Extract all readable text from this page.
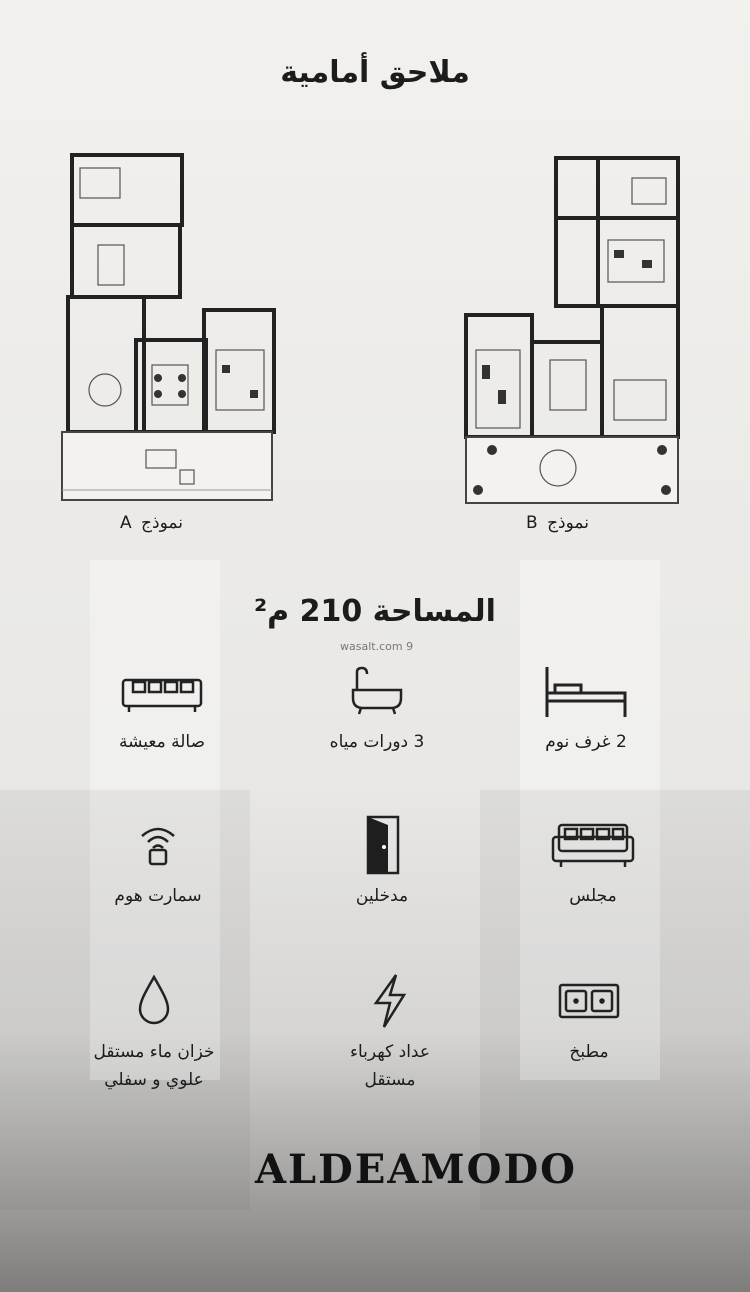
ملاحق أمامية
نموذج A	نموذج B
المساحة 210 م²
wasalt.com 9
2 غرف نوم
3 دورات مياه
صالة معيشة
مجلس
مدخلين
سمارت هوم
مطبخ
عداد كهرباء مستقل
خزان ماء مستقل علوي و سفلي
ALDEAMODO
